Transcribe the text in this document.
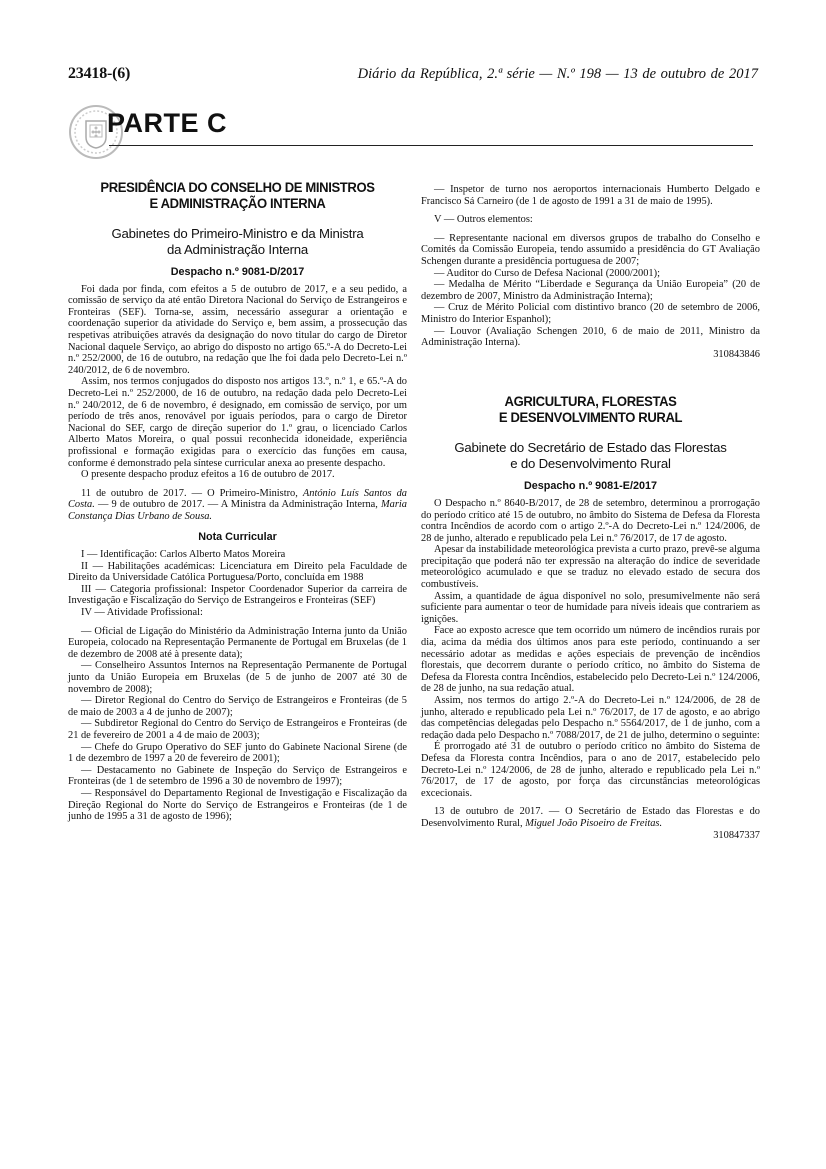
23418-(6)	Diário da República, 2.ª série — N.º 198 — 13 de outubro de 2017
PARTE C
PRESIDÊNCIA DO CONSELHO DE MINISTROS
E ADMINISTRAÇÃO INTERNA
Gabinetes do Primeiro-Ministro e da Ministra
da Administração Interna
Despacho n.º 9081-D/2017

Foi dada por finda, com efeitos a 5 de outubro de 2017, e a seu pedido, a comissão de serviço da até então Diretora Nacional do Serviço de Estrangeiros e Fronteiras (SEF). Torna-se, assim, necessário assegurar a orientação e coordenação superior da atividade do Serviço e, bem assim, a prossecução das respetivas atribuições através da designação do novo titular do cargo de Diretor Nacional daquele Serviço, ao abrigo do disposto no artigo 65.º-A do Decreto-Lei n.º 252/2000, de 16 de outubro, na redação que lhe foi dada pelo Decreto-Lei n.º 240/2012, de 6 de novembro.

Assim, nos termos conjugados do disposto nos artigos 13.º, n.º 1, e 65.º-A do Decreto-Lei n.º 252/2000, de 16 de outubro, na redação dada pelo Decreto-Lei n.º 240/2012, de 6 de novembro, é designado, em comissão de serviço, por um período de três anos, renovável por iguais períodos, para o cargo de Diretor Nacional do SEF, cargo de direção superior do 1.º grau, o licenciado Carlos Alberto Matos Moreira, o qual possui reconhecida idoneidade, experiência profissional e formação exigidas para o exercício das funções em causa, conforme é demonstrado pela síntese curricular anexa ao presente despacho.

O presente despacho produz efeitos a 16 de outubro de 2017.

11 de outubro de 2017. — O Primeiro-Ministro, António Luís Santos da Costa. — 9 de outubro de 2017. — A Ministra da Administração Interna, Maria Constança Dias Urbano de Sousa.

Nota Curricular

I — Identificação: Carlos Alberto Matos Moreira

II — Habilitações académicas: Licenciatura em Direito pela Faculdade de Direito da Universidade Católica Portuguesa/Porto, concluída em 1988

III — Categoria profissional: Inspetor Coordenador Superior da carreira de Investigação e Fiscalização do Serviço de Estrangeiros e Fronteiras (SEF)

IV — Atividade Profissional:

— Oficial de Ligação do Ministério da Administração Interna junto da União Europeia, colocado na Representação Permanente de Portugal em Bruxelas (de 1 de dezembro de 2008 até à presente data);

— Conselheiro Assuntos Internos na Representação Permanente de Portugal junto da União Europeia em Bruxelas (de 5 de junho de 2007 até 30 de novembro de 2008);

— Diretor Regional do Centro do Serviço de Estrangeiros e Fronteiras (de 5 de maio de 2003 a 4 de junho de 2007);

— Subdiretor Regional do Centro do Serviço de Estrangeiros e Fronteiras (de 21 de fevereiro de 2001 a 4 de maio de 2003);

— Chefe do Grupo Operativo do SEF junto do Gabinete Nacional Sirene (de 1 de dezembro de 1997 a 20 de fevereiro de 2001);

— Destacamento no Gabinete de Inspeção do Serviço de Estrangeiros e Fronteiras (de 1 de setembro de 1996 a 30 de novembro de 1997);

— Responsável do Departamento Regional de Investigação e Fiscalização da Direção Regional do Norte do Serviço de Estrangeiros e Fronteiras (de 1 de junho de 1995 a 31 de agosto de 1996);

— Inspetor de turno nos aeroportos internacionais Humberto Delgado e Francisco Sá Carneiro (de 1 de agosto de 1991 a 31 de maio de 1995).

V — Outros elementos:

— Representante nacional em diversos grupos de trabalho do Conselho e Comités da Comissão Europeia, tendo assumido a presidência do GT Avaliação Schengen durante a presidência portuguesa de 2007;

— Auditor do Curso de Defesa Nacional (2000/2001);

— Medalha de Mérito “Liberdade e Segurança da União Europeia” (20 de dezembro de 2007, Ministro da Administração Interna);

— Cruz de Mérito Policial com distintivo branco (20 de setembro de 2006, Ministro do Interior Espanhol);

— Louvor (Avaliação Schengen 2010, 6 de maio de 2011, Ministro da Administração Interna).

310843846

AGRICULTURA, FLORESTAS
E DESENVOLVIMENTO RURAL
Gabinete do Secretário de Estado das Florestas
e do Desenvolvimento Rural
Despacho n.º 9081-E/2017

O Despacho n.º 8640-B/2017, de 28 de setembro, determinou a prorrogação do período crítico até 15 de outubro, no âmbito do Sistema de Defesa da Floresta contra Incêndios de acordo com o artigo 2.º-A do Decreto-Lei n.º 124/2006, de 28 de junho, alterado e republicado pela Lei n.º 76/2017, de 17 de agosto.

Apesar da instabilidade meteorológica prevista a curto prazo, prevê-se alguma precipitação que poderá não ter expressão na alteração do índice de severidade meteorológico acumulado e que se traduz no elevado estado de secura dos combustíveis.

Assim, a quantidade de água disponível no solo, presumivelmente não será suficiente para aumentar o teor de humidade para níveis ideais que contrariem as ignições.

Face ao exposto acresce que tem ocorrido um número de incêndios rurais por dia, acima da média dos últimos anos para este período, continuando a ser necessário adotar as medidas e ações especiais de prevenção de incêndios florestais, que decorrem durante o período crítico, no âmbito do Sistema de Defesa da Floresta contra Incêndios, estabelecido pelo Decreto-Lei n.º 124/2006, de 28 de junho, na sua redação atual.

Assim, nos termos do artigo 2.º-A do Decreto-Lei n.º 124/2006, de 28 de junho, alterado e republicado pela Lei n.º 76/2017, de 17 de agosto, e ao abrigo das competências delegadas pelo Despacho n.º 5564/2017, de 1 de junho, com a redação dada pelo Despacho n.º 7088/2017, de 21 de julho, determino o seguinte:

É prorrogado até 31 de outubro o período crítico no âmbito do Sistema de Defesa da Floresta contra Incêndios, para o ano de 2017, estabelecido pelo Decreto-Lei n.º 124/2006, de 28 de junho, alterado e republicado pela Lei n.º 76/2017, de 17 de agosto, por força das circunstâncias meteorológicas excecionais.

13 de outubro de 2017. — O Secretário de Estado das Florestas e do Desenvolvimento Rural, Miguel João Pisoeiro de Freitas.

310847337
